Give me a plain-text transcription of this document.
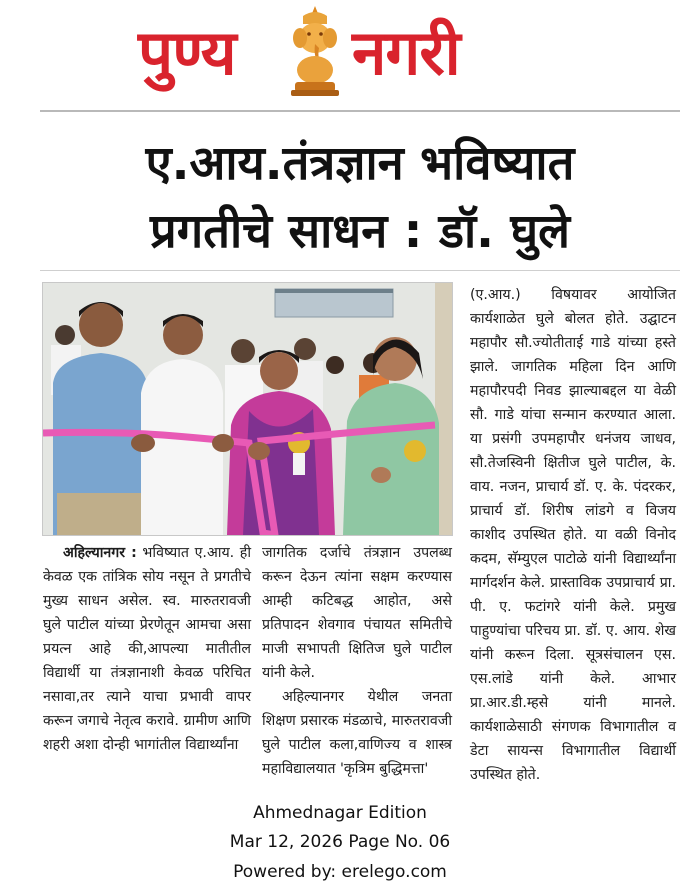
पुण्य नगरी
ए.आय.तंत्रज्ञान भविष्यात
प्रगतीचे साधन : डॉ. घुले

(ए.आय.) विषयावर आयोजित कार्यशाळेत घुले बोलत होते. उद्घाटन महापौर सौ.ज्योतीताई गाडे यांच्या हस्ते झाले. जागतिक महिला दिन आणि महापौरपदी निवड झाल्याबद्दल या वेळी सौ. गाडे यांचा सन्मान करण्यात आला. या प्रसंगी उपमहापौर धनंजय जाधव, सौ.तेजस्विनी क्षितीज घुले पाटील, के. वाय. नजन, प्राचार्य डॉ. ए. के. पंदरकर, प्राचार्य डॉ. शिरीष लांडगे व विजय काशीद उपस्थित होते. या वळी विनोद कदम, सॅम्युएल पाटोळे यांनी विद्यार्थ्यांना मार्गदर्शन केले. प्रास्ताविक उपप्राचार्य प्रा. पी. ए. फटांगरे यांनी केले. प्रमुख पाहुण्यांचा परिचय प्रा. डॉ. ए. आय. शेख यांनी करून दिला. सूत्रसंचालन एस. एस.लांडे यांनी केले. आभार प्रा.आर.डी.म्हसे यांनी मानले. कार्यशाळेसाठी संगणक विभागातील व डेटा सायन्स विभागातील विद्यार्थी उपस्थित होते.

अहिल्यानगर : भविष्यात ए.आय. ही केवळ एक तांत्रिक सोय नसून ते प्रगतीचे मुख्य साधन असेल. स्व. मारुतरावजी घुले पाटील यांच्या प्रेरणेतून आमचा असा प्रयत्न आहे की,आपल्या मातीतील विद्यार्थी या तंत्रज्ञानाशी केवळ परिचित नसावा,तर त्याने याचा प्रभावी वापर करून जगाचे नेतृत्व करावे. ग्रामीण आणि शहरी अशा दोन्ही भागांतील विद्यार्थ्यांना

जागतिक दर्जाचे तंत्रज्ञान उपलब्ध करून देऊन त्यांना सक्षम करण्यास आम्ही कटिबद्ध आहोत, असे प्रतिपादन शेवगाव पंचायत समितीचे माजी सभापती क्षितिज घुले पाटील यांनी केले.

अहिल्यानगर येथील जनता शिक्षण प्रसारक मंडळाचे, मारुतरावजी घुले पाटील कला,वाणिज्य व शास्त्र महाविद्यालयात 'कृत्रिम बुद्धिमत्ता'

Ahmednagar Edition
Mar 12, 2026 Page No. 06
Powered by: erelego.com
